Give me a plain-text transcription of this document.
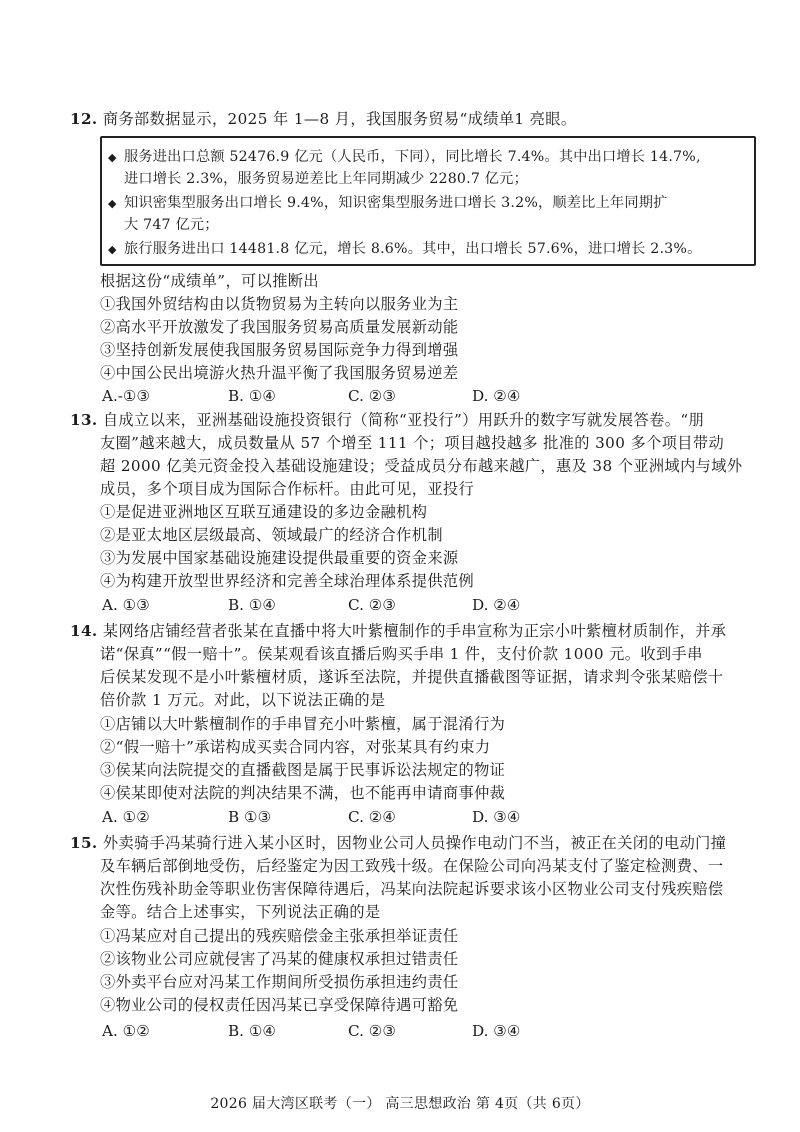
12. 商务部数据显示，2025 年 1—8 月，我国服务贸易“成绩单1 亮眼。
◆ 服务进出口总额 52476.9 亿元（人民币，下同），同比增长 7.4%。其中出口增长 14.7%,
进口增长 2.3%，服务贸易逆差比上年同期减少 2280.7 亿元；
◆ 知识密集型服务出口增长 9.4%，知识密集型服务进口增长 3.2%，顺差比上年同期扩
大 747 亿元；
◆ 旅行服务进出口 14481.8 亿元，增长 8.6%。其中，出口增长 57.6%，进口增长 2.3%。
根据这份“成绩单”，可以推断出
①我国外贸结构由以货物贸易为主转向以服务业为主
②高水平开放激发了我国服务贸易高质量发展新动能
③坚持创新发展使我国服务贸易国际竞争力得到增强
④中国公民出境游火热升温平衡了我国服务贸易逆差
A.-①③	B. ①④	C. ②③	D. ②④
13. 自成立以来，亚洲基础设施投资银行（简称“亚投行”）用跃升的数字写就发展答卷。“朋
友圈”越来越大，成员数量从 57 个增至 111 个；项目越投越多 批准的 300 多个项目带动
超 2000 亿美元资金投入基础设施建设；受益成员分布越来越广，惠及 38 个亚洲域内与域外
成员，多个项目成为国际合作标杆。由此可见，亚投行
①是促进亚洲地区互联互通建设的多边金融机构
②是亚太地区层级最高、领域最广的经济合作机制
③为发展中国家基础设施建设提供最重要的资金来源
④为构建开放型世界经济和完善全球治理体系提供范例
A. ①③	B. ①④	C. ②③	D. ②④
14. 某网络店铺经营者张某在直播中将大叶紫檀制作的手串宣称为正宗小叶紫檀材质制作，并承
诺“保真”“假一赔十”。侯某观看该直播后购买手串 1 件，支付价款 1000 元。收到手串
后侯某发现不是小叶紫檀材质，遂诉至法院，并提供直播截图等证据，请求判令张某赔偿十
倍价款 1 万元。对此，以下说法正确的是
①店铺以大叶紫檀制作的手串冒充小叶紫檀，属于混淆行为
②“假一赔十”承诺构成买卖合同内容，对张某具有约束力
③侯某向法院提交的直播截图是属于民事诉讼法规定的物证
④侯某即使对法院的判决结果不满，也不能再申请商事仲裁
A. ①②	B ①③	C. ②④	D. ③④
15. 外卖骑手冯某骑行进入某小区时，因物业公司人员操作电动门不当，被正在关闭的电动门撞
及车辆后部倒地受伤，后经鉴定为因工致残十级。在保险公司向冯某支付了鉴定检测费、一
次性伤残补助金等职业伤害保障待遇后，冯某向法院起诉要求该小区物业公司支付残疾赔偿
金等。结合上述事实，下列说法正确的是
①冯某应对自己提出的残疾赔偿金主张承担举证责任
②该物业公司应就侵害了冯某的健康权承担过错责任
③外卖平台应对冯某工作期间所受损伤承担违约责任
④物业公司的侵权责任因冯某已享受保障待遇可豁免
A. ①②	B. ①④	C. ②③	D. ③④
2026 届大湾区联考（一） 高三思想政治 第 4页（共 6页）
